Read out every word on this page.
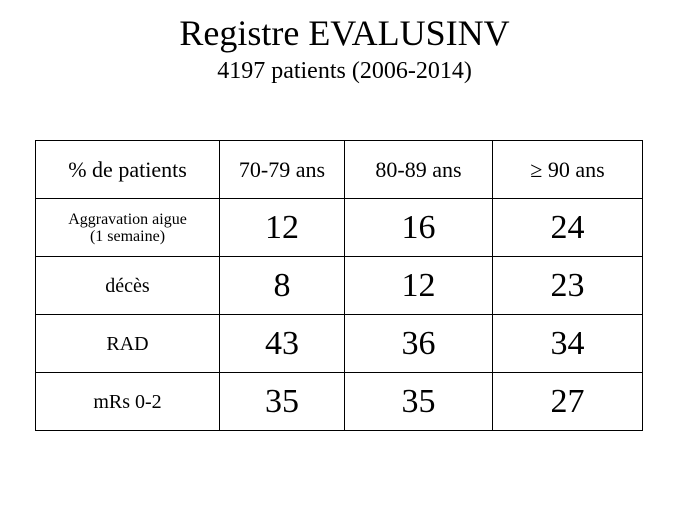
Registre EVALUSINV
4197 patients (2006-2014)
% de patients	70-79 ans	80-89 ans	≥ 90 ans

Aggravation aigue
(1 semaine)	12	16	24
décès	8	12	23
RAD	43	36	34
mRs 0-2	35	35	27
